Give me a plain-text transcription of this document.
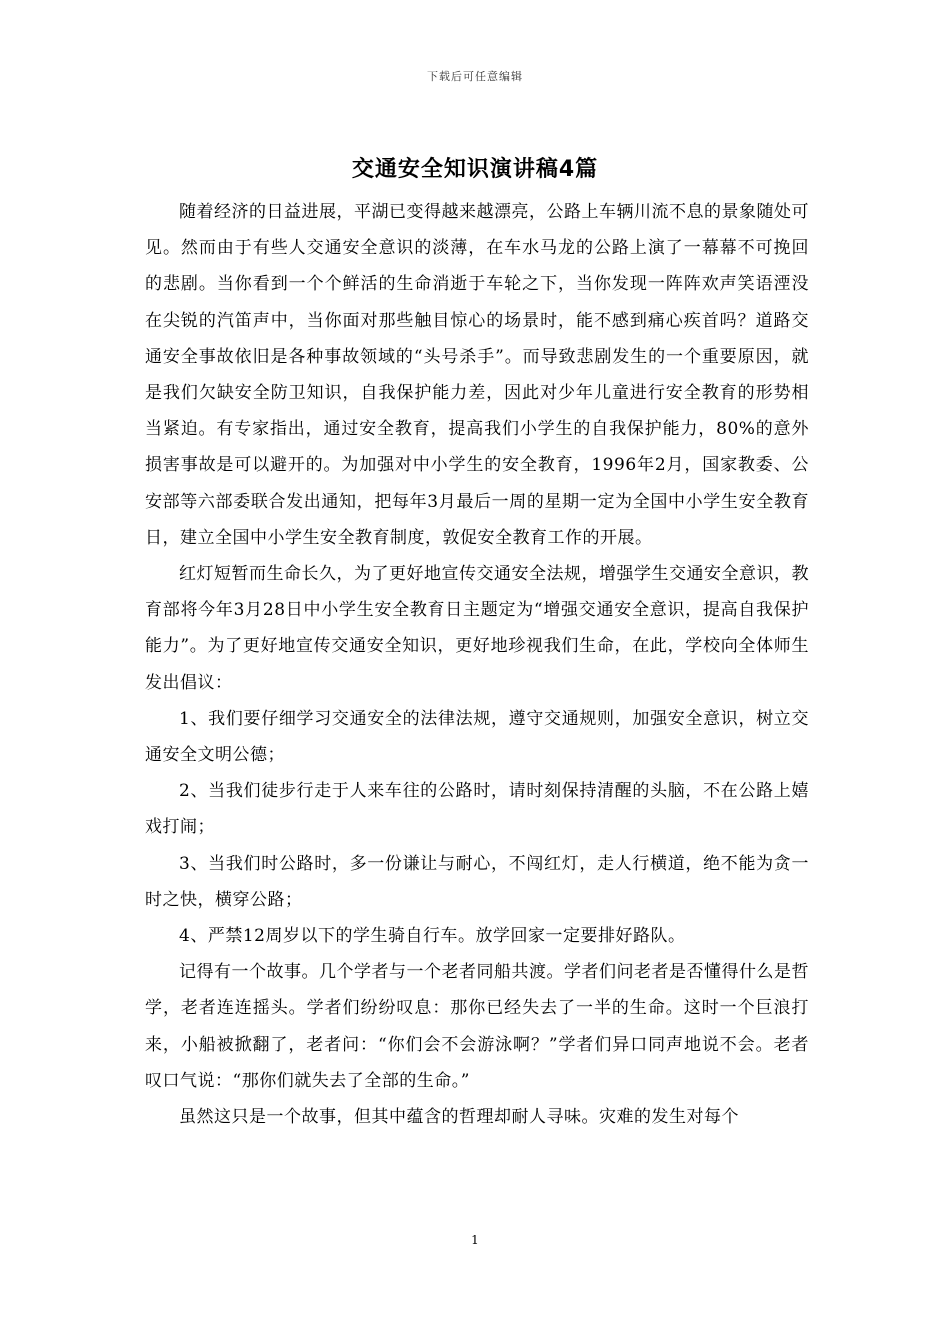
下载后可任意编辑
交通安全知识演讲稿4篇

随着经济的日益进展，平湖已变得越来越漂亮，公路上车辆川流不息的景象随处可见。然而由于有些人交通安全意识的淡薄，在车水马龙的公路上演了一幕幕不可挽回的悲剧。当你看到一个个鲜活的生命消逝于车轮之下，当你发现一阵阵欢声笑语湮没在尖锐的汽笛声中，当你面对那些触目惊心的场景时，能不感到痛心疾首吗？道路交通安全事故依旧是各种事故领域的“头号杀手”。而导致悲剧发生的一个重要原因，就是我们欠缺安全防卫知识，自我保护能力差，因此对少年儿童进行安全教育的形势相当紧迫。有专家指出，通过安全教育，提高我们小学生的自我保护能力，80%的意外损害事故是可以避开的。为加强对中小学生的安全教育，1996年2月，国家教委、公安部等六部委联合发出通知，把每年3月最后一周的星期一定为全国中小学生安全教育日，建立全国中小学生安全教育制度，敦促安全教育工作的开展。

红灯短暂而生命长久，为了更好地宣传交通安全法规，增强学生交通安全意识，教育部将今年3月28日中小学生安全教育日主题定为“增强交通安全意识，提高自我保护能力”。为了更好地宣传交通安全知识，更好地珍视我们生命，在此，学校向全体师生发出倡议：

1、我们要仔细学习交通安全的法律法规，遵守交通规则，加强安全意识，树立交通安全文明公德；

2、当我们徒步行走于人来车往的公路时，请时刻保持清醒的头脑，不在公路上嬉戏打闹；

3、当我们时公路时，多一份谦让与耐心，不闯红灯，走人行横道，绝不能为贪一时之快，横穿公路；

4、严禁12周岁以下的学生骑自行车。放学回家一定要排好路队。

记得有一个故事。几个学者与一个老者同船共渡。学者们问老者是否懂得什么是哲学，老者连连摇头。学者们纷纷叹息：那你已经失去了一半的生命。这时一个巨浪打来，小船被掀翻了，老者问：“你们会不会游泳啊？”学者们异口同声地说不会。老者叹口气说：“那你们就失去了全部的生命。”

虽然这只是一个故事，但其中蕴含的哲理却耐人寻味。灾难的发生对每个

1
